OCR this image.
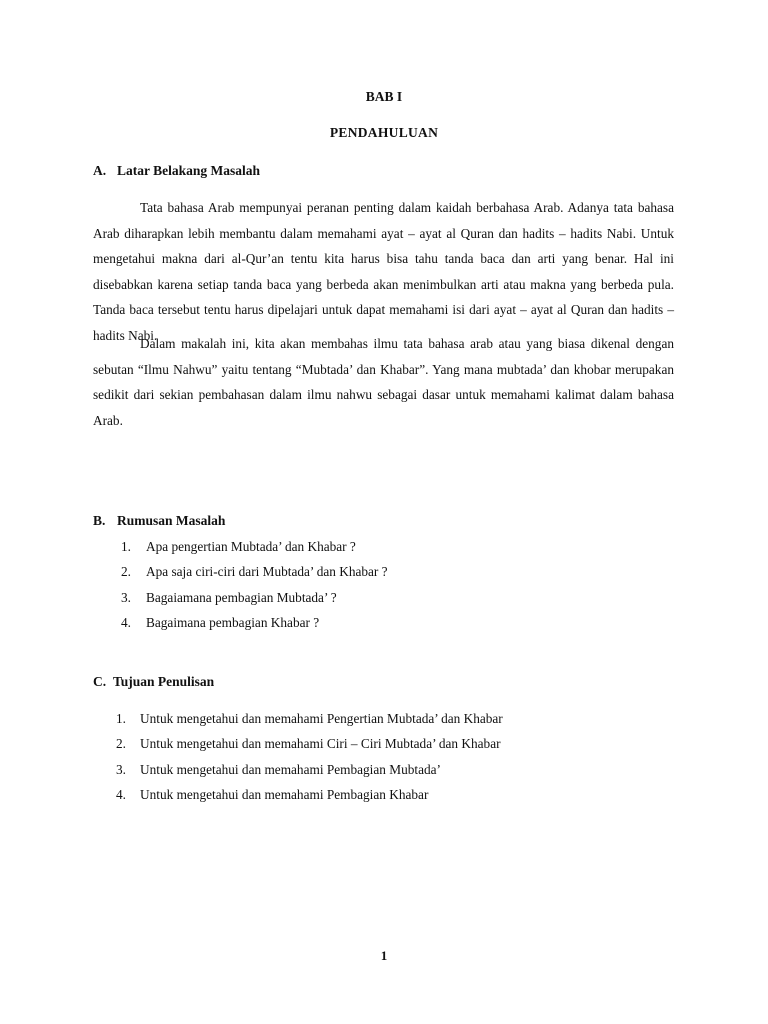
BAB I
PENDAHULUAN
A. Latar Belakang Masalah

Tata bahasa Arab mempunyai peranan penting dalam kaidah berbahasa Arab. Adanya tata bahasa Arab diharapkan lebih membantu dalam memahami ayat – ayat al Quran dan hadits – hadits Nabi. Untuk mengetahui makna dari al-Qur’an tentu kita harus bisa tahu tanda baca dan arti yang benar. Hal ini disebabkan karena setiap tanda baca yang berbeda akan menimbulkan arti atau makna yang berbeda pula. Tanda baca tersebut tentu harus dipelajari untuk dapat memahami isi dari ayat – ayat al Quran dan hadits – hadits Nabi.

Dalam makalah ini, kita akan membahas ilmu tata bahasa arab atau yang biasa dikenal dengan sebutan “Ilmu Nahwu” yaitu tentang “Mubtada’ dan Khabar”. Yang mana mubtada’ dan khobar merupakan sedikit dari sekian pembahasan dalam ilmu nahwu sebagai dasar untuk memahami kalimat dalam bahasa Arab.

B. Rumusan Masalah
1. Apa pengertian Mubtada’ dan Khabar ?
2. Apa saja ciri-ciri dari Mubtada’ dan Khabar ?
3. Bagaiamana pembagian Mubtada’ ?
4. Bagaimana pembagian Khabar ?
C. Tujuan Penulisan
1. Untuk mengetahui dan memahami Pengertian Mubtada’ dan Khabar
2. Untuk mengetahui dan memahami Ciri – Ciri Mubtada’ dan Khabar
3. Untuk mengetahui dan memahami Pembagian Mubtada’
4. Untuk mengetahui dan memahami Pembagian Khabar
1
